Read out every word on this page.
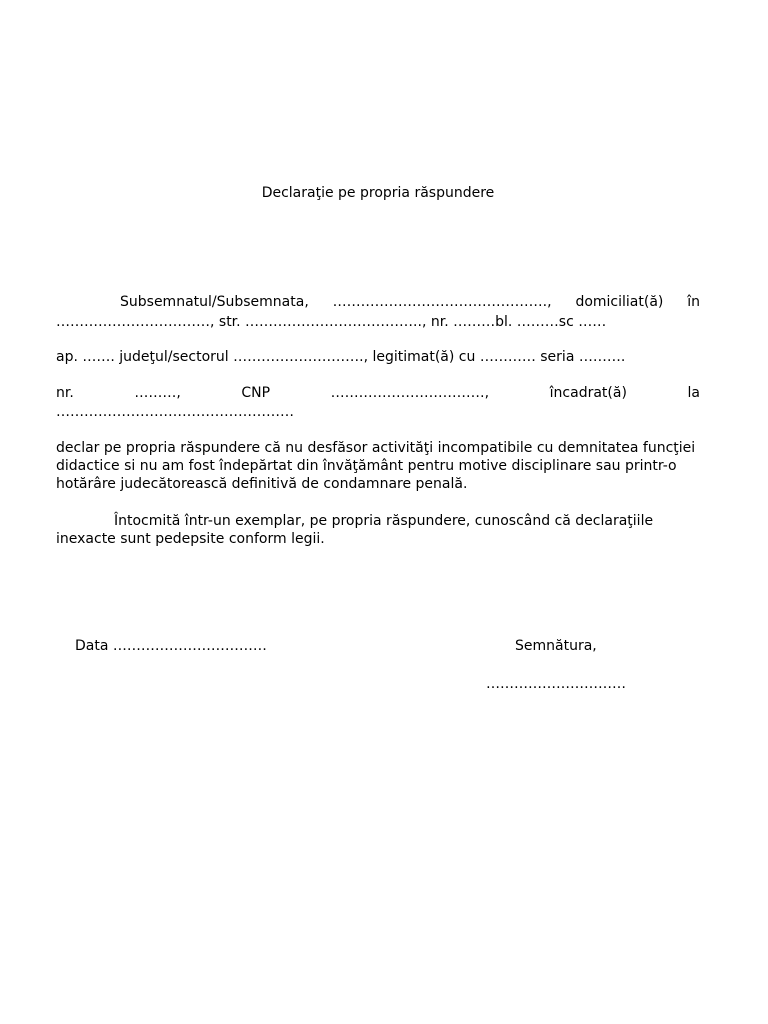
Declaraţie pe propria răspundere
Subsemnatul/Subsemnata, ………………………………………., domiciliat(ă) în
……………………………, str. ……………………………….., nr. ………bl. ………sc ……
ap. ……. judeţul/sectorul ………………………., legitimat(ă) cu ………… seria ……….
nr.	………,	CNP	……………………………,	încadrat(ă)	la
……………………………………………
declar pe propria răspundere că nu desfăsor activităţi incompatibile cu demnitatea funcţiei didactice si nu am fost îndepărtat din învăţământ pentru motive disciplinare sau printr-o hotărâre judecătorească definitivă de condamnare penală.
Întocmită într-un exemplar, pe propria răspundere, cunoscând că declaraţiile inexacte sunt pedepsite conform legii.
Data ……………………………	Semnătura,
…………………………
